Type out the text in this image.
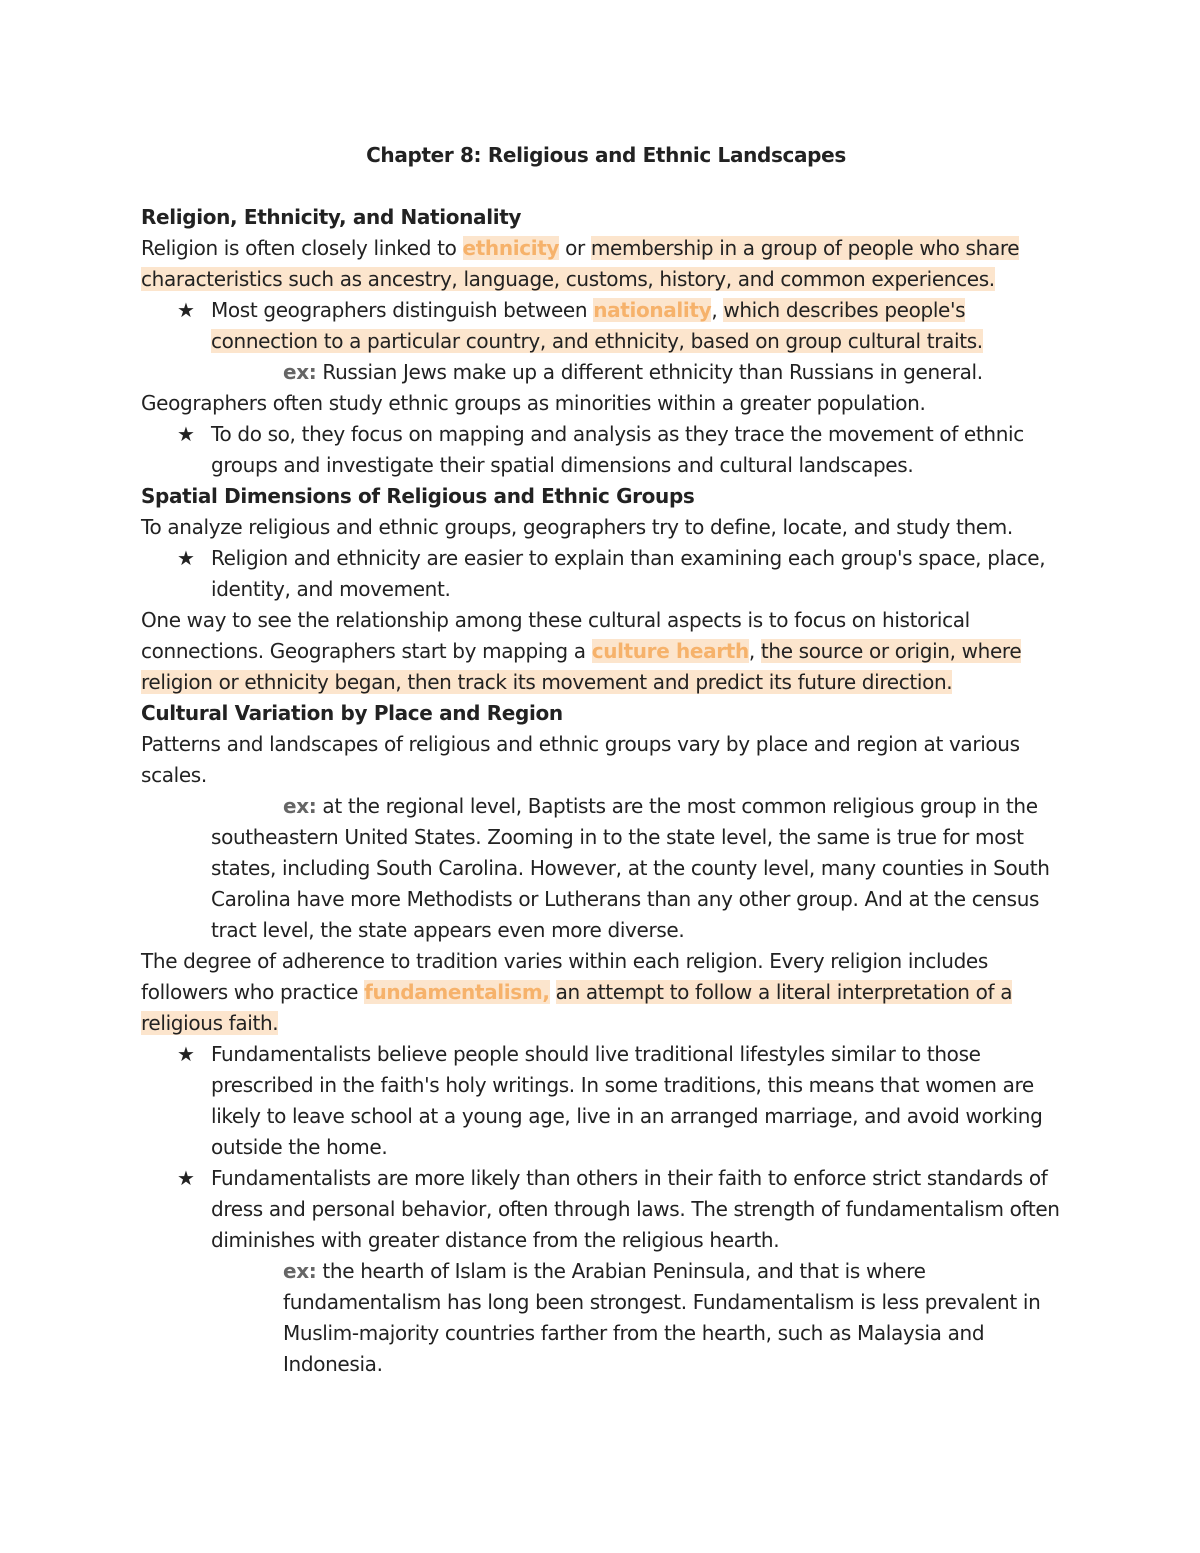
Chapter 8: Religious and Ethnic Landscapes

Religion, Ethnicity, and Nationality

Religion is often closely linked to ethnicity or membership in a group of people who share characteristics such as ancestry, language, customs, history, and common experiences.

★ Most geographers distinguish between nationality, which describes people's connection to a particular country, and ethnicity, based on group cultural traits.

ex: Russian Jews make up a different ethnicity than Russians in general.

Geographers often study ethnic groups as minorities within a greater population.

★ To do so, they focus on mapping and analysis as they trace the movement of ethnic groups and investigate their spatial dimensions and cultural landscapes.

Spatial Dimensions of Religious and Ethnic Groups

To analyze religious and ethnic groups, geographers try to define, locate, and study them.

★ Religion and ethnicity are easier to explain than examining each group's space, place, identity, and movement.

One way to see the relationship among these cultural aspects is to focus on historical connections. Geographers start by mapping a culture hearth, the source or origin, where religion or ethnicity began, then track its movement and predict its future direction.

Cultural Variation by Place and Region

Patterns and landscapes of religious and ethnic groups vary by place and region at various scales.

ex: at the regional level, Baptists are the most common religious group in the southeastern United States. Zooming in to the state level, the same is true for most states, including South Carolina. However, at the county level, many counties in South Carolina have more Methodists or Lutherans than any other group. And at the census tract level, the state appears even more diverse.

The degree of adherence to tradition varies within each religion. Every religion includes followers who practice fundamentalism, an attempt to follow a literal interpretation of a religious faith.

★ Fundamentalists believe people should live traditional lifestyles similar to those prescribed in the faith's holy writings. In some traditions, this means that women are likely to leave school at a young age, live in an arranged marriage, and avoid working outside the home.
★ Fundamentalists are more likely than others in their faith to enforce strict standards of dress and personal behavior, often through laws. The strength of fundamentalism often diminishes with greater distance from the religious hearth.

ex: the hearth of Islam is the Arabian Peninsula, and that is where fundamentalism has long been strongest. Fundamentalism is less prevalent in Muslim-majority countries farther from the hearth, such as Malaysia and Indonesia.
